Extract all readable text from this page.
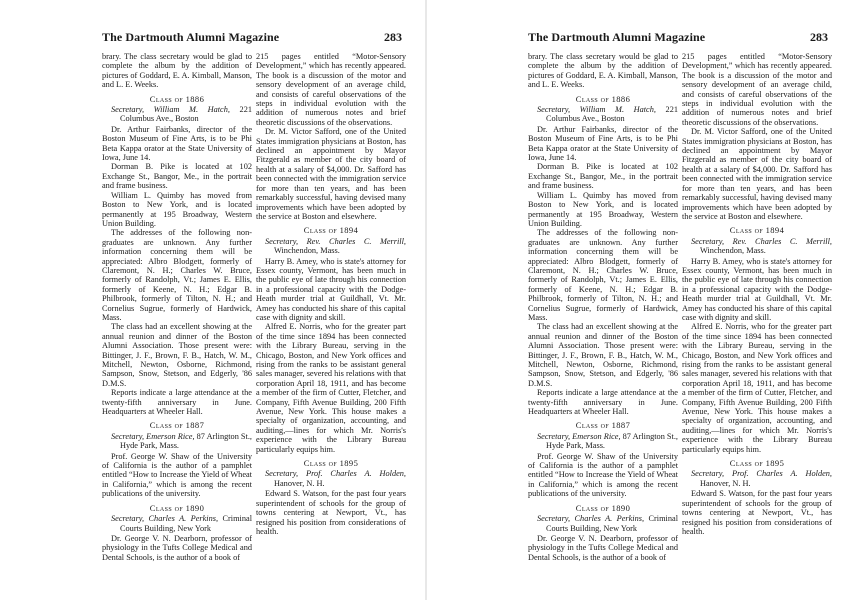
The Dartmouth Alumni Magazine	283

brary. The class secretary would be glad to complete the album by the addition of pictures of Goddard, E. A. Kimball, Manson, and L. E. Weeks.

Class of 1886
Secretary, William M. Hatch, 221 Columbus Ave., Boston

Dr. Arthur Fairbanks, director of the Boston Museum of Fine Arts, is to be Phi Beta Kappa orator at the State University of Iowa, June 14.

Dorman B. Pike is located at 102 Exchange St., Bangor, Me., in the portrait and frame business.

William L. Quimby has moved from Boston to New York, and is located permanently at 195 Broadway, Western Union Building.

The addresses of the following non-graduates are unknown. Any further information concerning them will be appreciated: Albro Blodgett, formerly of Claremont, N. H.; Charles W. Bruce, formerly of Randolph, Vt.; James E. Ellis, formerly of Keene, N. H.; Edgar B. Philbrook, formerly of Tilton, N. H.; and Cornelius Sugrue, formerly of Hardwick, Mass.

The class had an excellent showing at the annual reunion and dinner of the Boston Alumni Association. Those present were: Bittinger, J. F., Brown, F. B., Hatch, W. M., Mitchell, Newton, Osborne, Richmond, Sampson, Snow, Stetson, and Edgerly, '86 D.M.S.

Reports indicate a large attendance at the twenty-fifth anniversary in June. Headquarters at Wheeler Hall.

Class of 1887
Secretary, Emerson Rice, 87 Arlington St., Hyde Park, Mass.

Prof. George W. Shaw of the University of California is the author of a pamphlet entitled “How to Increase the Yield of Wheat in California,” which is among the recent publications of the university.

Class of 1890
Secretary, Charles A. Perkins, Criminal Courts Building, New York

Dr. George V. N. Dearborn, professor of physiology in the Tufts College Medical and Dental Schools, is the author of a book of

215 pages entitled “Motor-Sensory Development,” which has recently appeared. The book is a discussion of the motor and sensory development of an average child, and consists of careful observations of the steps in individual evolution with the addition of numerous notes and brief theoretic discussions of the observations.

Dr. M. Victor Safford, one of the United States immigration physicians at Boston, has declined an appointment by Mayor Fitzgerald as member of the city board of health at a salary of $4,000. Dr. Safford has been connected with the immigration service for more than ten years, and has been remarkably successful, having devised many improvements which have been adopted by the service at Boston and elsewhere.

Class of 1894
Secretary, Rev. Charles C. Merrill, Winchendon, Mass.

Harry B. Amey, who is state's attorney for Essex county, Vermont, has been much in the public eye of late through his connection in a professional capacity with the Dodge-Heath murder trial at Guildhall, Vt. Mr. Amey has conducted his share of this capital case with dignity and skill.

Alfred E. Norris, who for the greater part of the time since 1894 has been connected with the Library Bureau, serving in the Chicago, Boston, and New York offices and rising from the ranks to be assistant general sales manager, severed his relations with that corporation April 18, 1911, and has become a member of the firm of Cutter, Fletcher, and Company, Fifth Avenue Building, 200 Fifth Avenue, New York. This house makes a specialty of organization, accounting, and auditing,—lines for which Mr. Norris's experience with the Library Bureau particularly equips him.

Class of 1895
Secretary, Prof. Charles A. Holden, Hanover, N. H.

Edward S. Watson, for the past four years superintendent of schools for the group of towns centering at Newport, Vt., has resigned his position from considerations of health.

The Dartmouth Alumni Magazine	283

brary. The class secretary would be glad to complete the album by the addition of pictures of Goddard, E. A. Kimball, Manson, and L. E. Weeks.

Class of 1886
Secretary, William M. Hatch, 221 Columbus Ave., Boston

Dr. Arthur Fairbanks, director of the Boston Museum of Fine Arts, is to be Phi Beta Kappa orator at the State University of Iowa, June 14.

Dorman B. Pike is located at 102 Exchange St., Bangor, Me., in the portrait and frame business.

William L. Quimby has moved from Boston to New York, and is located permanently at 195 Broadway, Western Union Building.

The addresses of the following non-graduates are unknown. Any further information concerning them will be appreciated: Albro Blodgett, formerly of Claremont, N. H.; Charles W. Bruce, formerly of Randolph, Vt.; James E. Ellis, formerly of Keene, N. H.; Edgar B. Philbrook, formerly of Tilton, N. H.; and Cornelius Sugrue, formerly of Hardwick, Mass.

The class had an excellent showing at the annual reunion and dinner of the Boston Alumni Association. Those present were: Bittinger, J. F., Brown, F. B., Hatch, W. M., Mitchell, Newton, Osborne, Richmond, Sampson, Snow, Stetson, and Edgerly, '86 D.M.S.

Reports indicate a large attendance at the twenty-fifth anniversary in June. Headquarters at Wheeler Hall.

Class of 1887
Secretary, Emerson Rice, 87 Arlington St., Hyde Park, Mass.

Prof. George W. Shaw of the University of California is the author of a pamphlet entitled “How to Increase the Yield of Wheat in California,” which is among the recent publications of the university.

Class of 1890
Secretary, Charles A. Perkins, Criminal Courts Building, New York

Dr. George V. N. Dearborn, professor of physiology in the Tufts College Medical and Dental Schools, is the author of a book of

215 pages entitled “Motor-Sensory Development,” which has recently appeared. The book is a discussion of the motor and sensory development of an average child, and consists of careful observations of the steps in individual evolution with the addition of numerous notes and brief theoretic discussions of the observations.

Dr. M. Victor Safford, one of the United States immigration physicians at Boston, has declined an appointment by Mayor Fitzgerald as member of the city board of health at a salary of $4,000. Dr. Safford has been connected with the immigration service for more than ten years, and has been remarkably successful, having devised many improvements which have been adopted by the service at Boston and elsewhere.

Class of 1894
Secretary, Rev. Charles C. Merrill, Winchendon, Mass.

Harry B. Amey, who is state's attorney for Essex county, Vermont, has been much in the public eye of late through his connection in a professional capacity with the Dodge-Heath murder trial at Guildhall, Vt. Mr. Amey has conducted his share of this capital case with dignity and skill.

Alfred E. Norris, who for the greater part of the time since 1894 has been connected with the Library Bureau, serving in the Chicago, Boston, and New York offices and rising from the ranks to be assistant general sales manager, severed his relations with that corporation April 18, 1911, and has become a member of the firm of Cutter, Fletcher, and Company, Fifth Avenue Building, 200 Fifth Avenue, New York. This house makes a specialty of organization, accounting, and auditing,—lines for which Mr. Norris's experience with the Library Bureau particularly equips him.

Class of 1895
Secretary, Prof. Charles A. Holden, Hanover, N. H.

Edward S. Watson, for the past four years superintendent of schools for the group of towns centering at Newport, Vt., has resigned his position from considerations of health.
